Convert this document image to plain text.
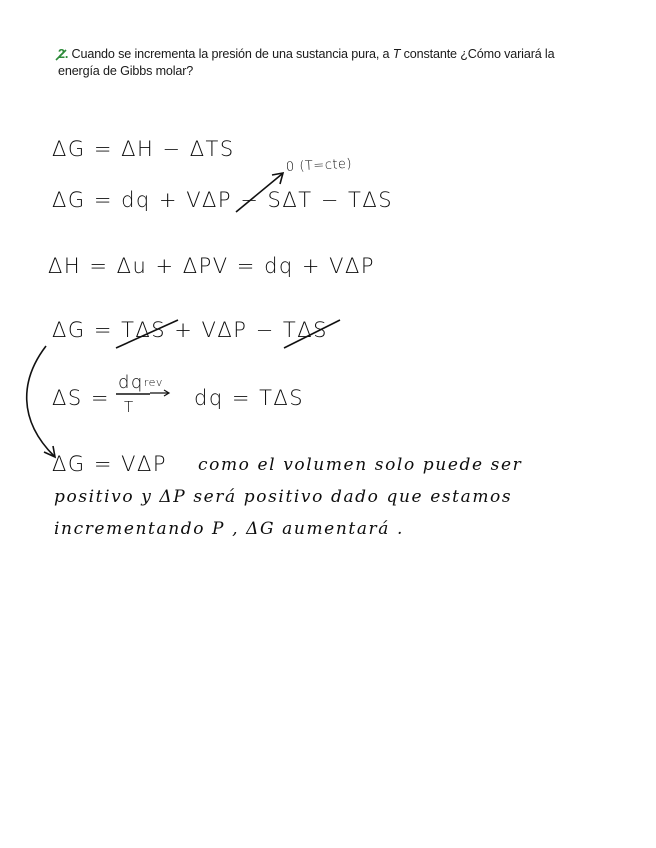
2. Cuando se incrementa la presión de una sustancia pura, a T constante ¿Cómo variará la energía de Gibbs molar?
ΔG = ΔH − ΔTS
0 (T=cte)
ΔG = dq + VΔP − SΔT − TΔS
ΔH = Δu + ΔPV = dq + VΔP
ΔG = TΔS + VΔP − TΔS
ΔS =
dqrev
T	dq = TΔS
ΔG = VΔP como el volumen solo puede ser
positivo y ΔP será positivo dado que estamos
incrementando P , ΔG aumentará .
